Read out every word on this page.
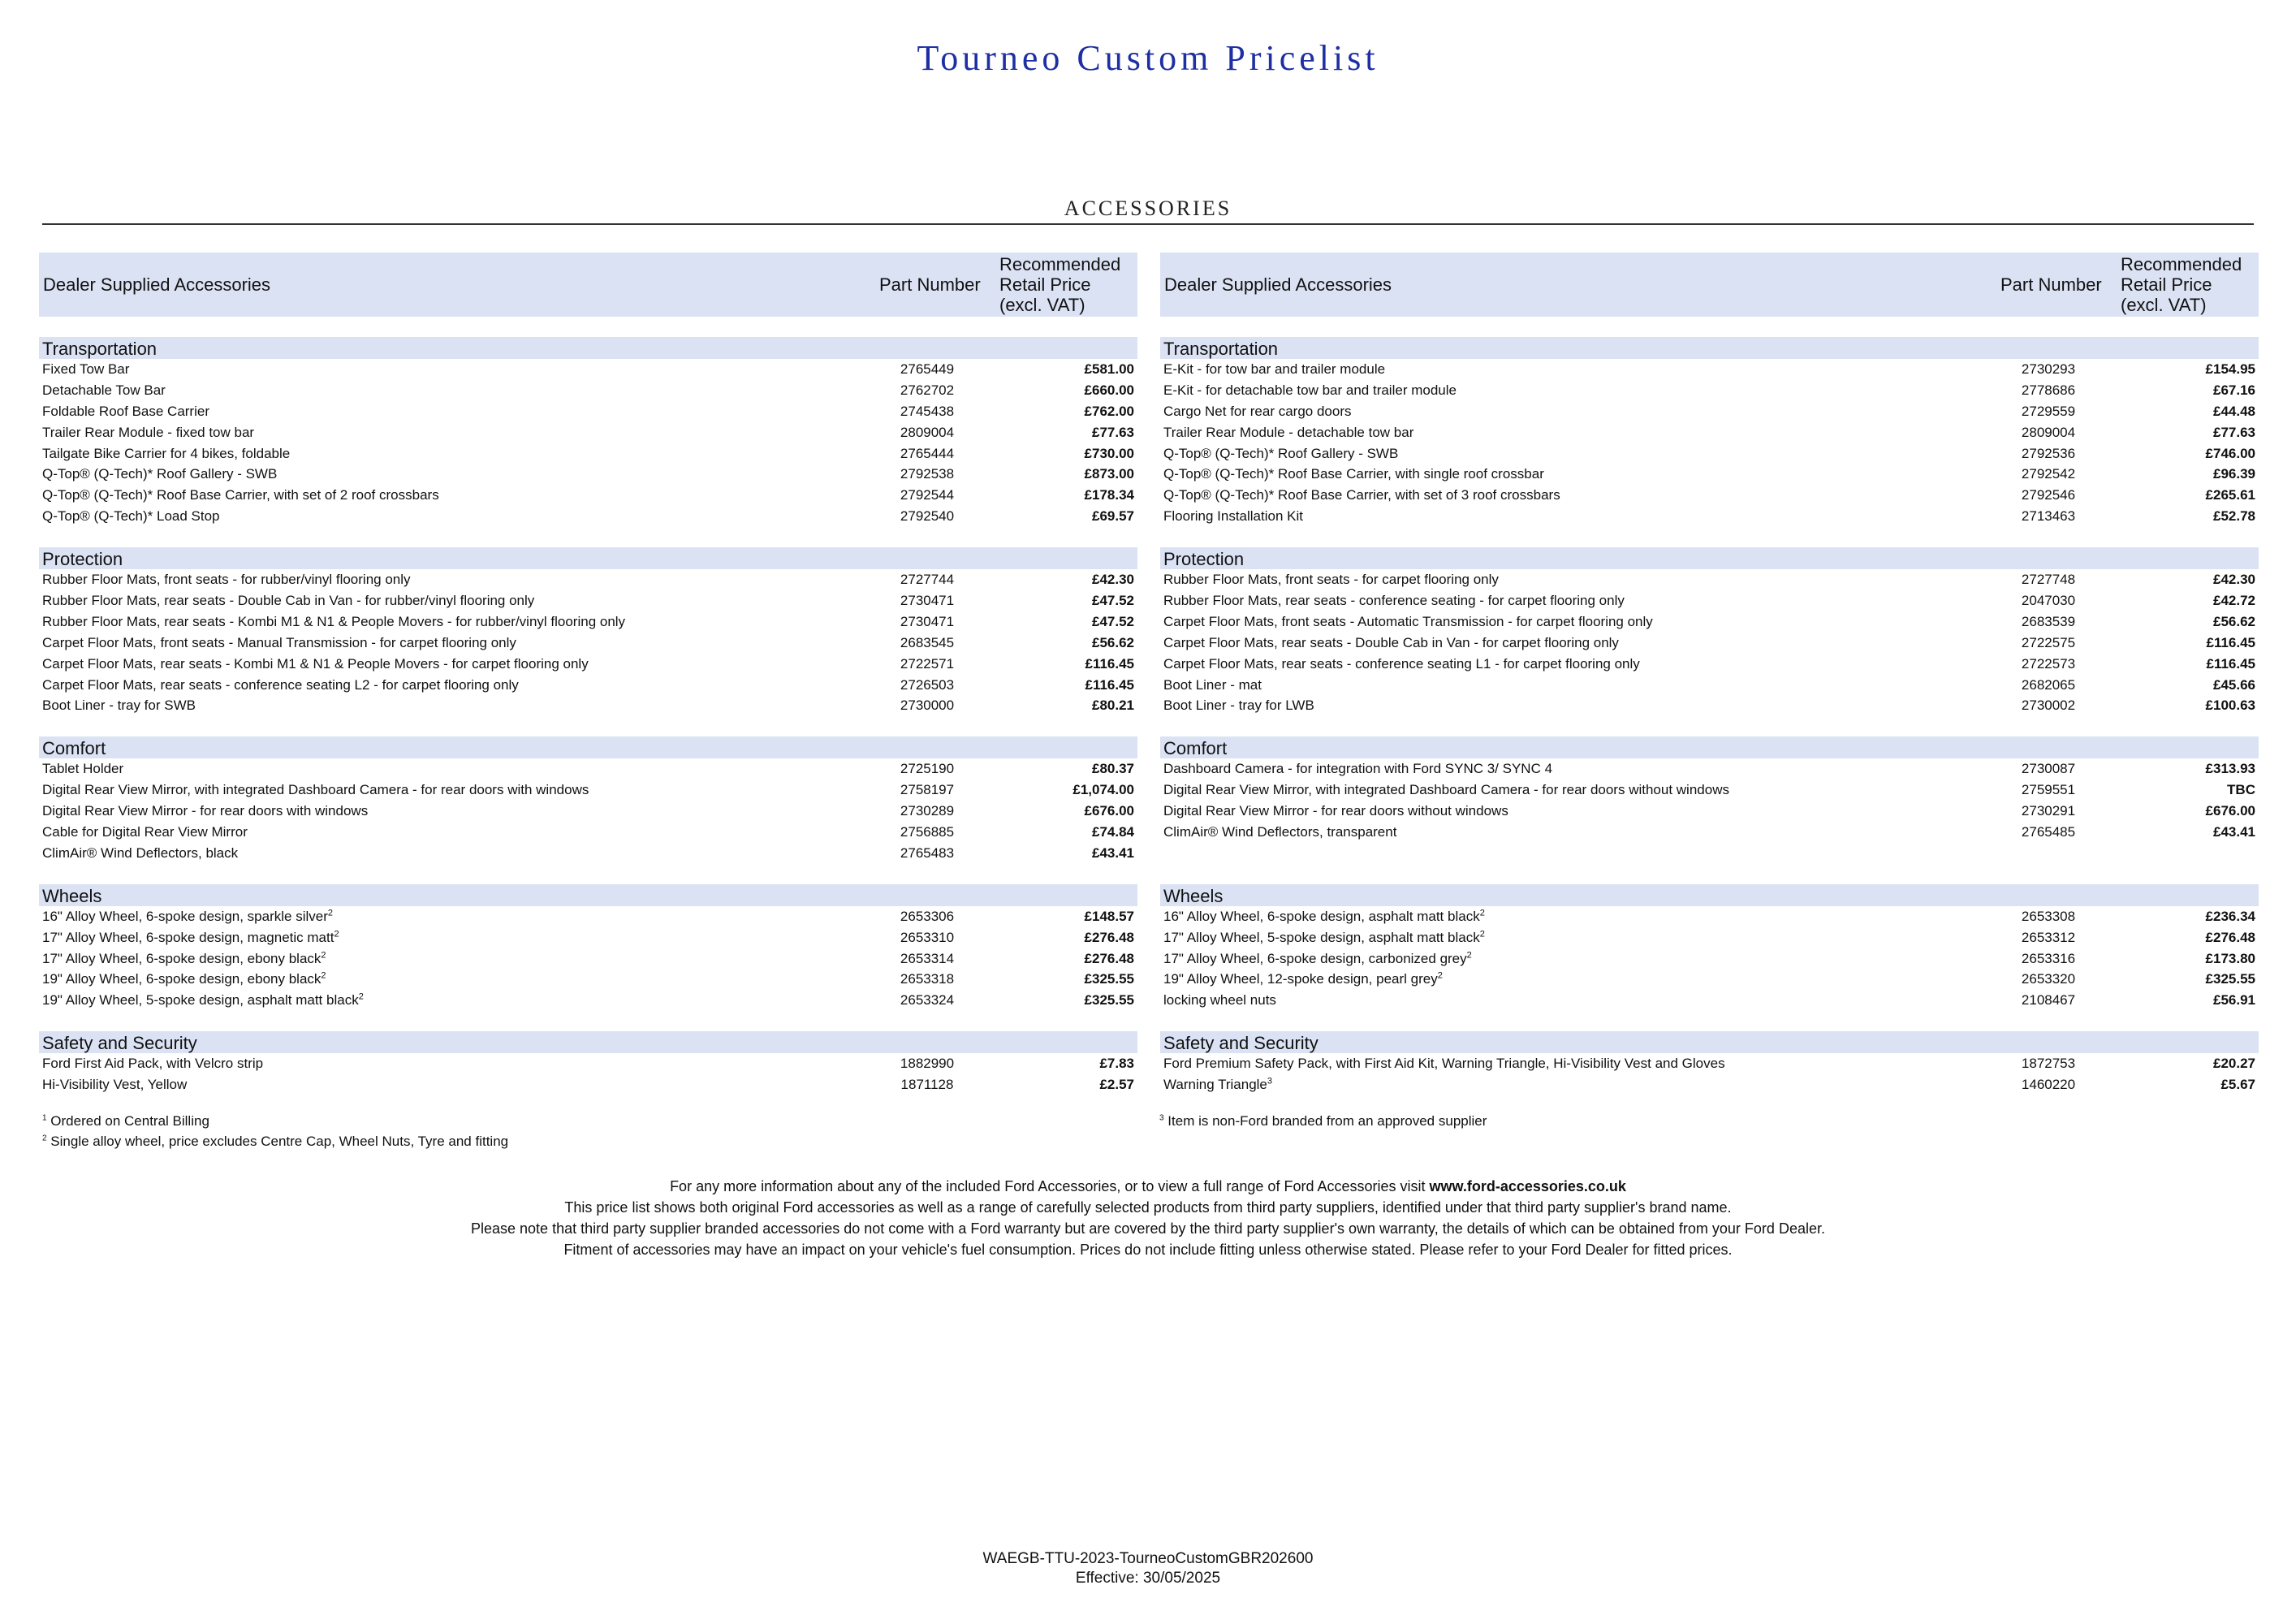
Tourneo Custom Pricelist
ACCESSORIES
Dealer Supplied Accessories	Part Number
Recommended Retail Price (excl. VAT)
Transportation
Fixed Tow Bar	2765449	£581.00
Detachable Tow Bar	2762702	£660.00
Foldable Roof Base Carrier	2745438	£762.00
Trailer Rear Module - fixed tow bar	2809004	£77.63
Tailgate Bike Carrier for 4 bikes, foldable	2765444	£730.00
Q-Top® (Q-Tech)* Roof Gallery - SWB	2792538	£873.00
Q-Top® (Q-Tech)* Roof Base Carrier, with set of 2 roof crossbars	2792544	£178.34
Q-Top® (Q-Tech)* Load Stop	2792540	£69.57
Protection
Rubber Floor Mats, front seats - for rubber/vinyl flooring only	2727744	£42.30
Rubber Floor Mats, rear seats - Double Cab in Van - for rubber/vinyl flooring only	2730471	£47.52
Rubber Floor Mats, rear seats - Kombi M1 & N1 & People Movers - for rubber/vinyl flooring only	2730471	£47.52
Carpet Floor Mats, front seats - Manual Transmission - for carpet flooring only	2683545	£56.62
Carpet Floor Mats, rear seats - Kombi M1 & N1 & People Movers - for carpet flooring only	2722571	£116.45
Carpet Floor Mats, rear seats - conference seating L2 - for carpet flooring only	2726503	£116.45
Boot Liner - tray for SWB	2730000	£80.21
Comfort
Tablet Holder	2725190	£80.37
Digital Rear View Mirror, with integrated Dashboard Camera - for rear doors with windows	2758197	£1,074.00
Digital Rear View Mirror - for rear doors with windows	2730289	£676.00
Cable for Digital Rear View Mirror	2756885	£74.84
ClimAir® Wind Deflectors, black	2765483	£43.41
Wheels
16" Alloy Wheel, 6-spoke design, sparkle silver$^2$	2653306	£148.57
17" Alloy Wheel, 6-spoke design, magnetic matt$^2$	2653310	£276.48
17" Alloy Wheel, 6-spoke design, ebony black$^2$	2653314	£276.48
19" Alloy Wheel, 6-spoke design, ebony black$^2$	2653318	£325.55
19" Alloy Wheel, 5-spoke design, asphalt matt black$^2$	2653324	£325.55
Safety and Security
Ford First Aid Pack, with Velcro strip	1882990	£7.83
Hi-Visibility Vest, Yellow	1871128	£2.57
Dealer Supplied Accessories	Part Number
Recommended Retail Price (excl. VAT)
Transportation
E-Kit - for tow bar and trailer module	2730293	£154.95
E-Kit - for detachable tow bar and trailer module	2778686	£67.16
Cargo Net for rear cargo doors	2729559	£44.48
Trailer Rear Module - detachable tow bar	2809004	£77.63
Q-Top® (Q-Tech)* Roof Gallery - SWB	2792536	£746.00
Q-Top® (Q-Tech)* Roof Base Carrier, with single roof crossbar	2792542	£96.39
Q-Top® (Q-Tech)* Roof Base Carrier, with set of 3 roof crossbars	2792546	£265.61
Flooring Installation Kit	2713463	£52.78
Protection
Rubber Floor Mats, front seats - for carpet flooring only	2727748	£42.30
Rubber Floor Mats, rear seats - conference seating - for carpet flooring only	2047030	£42.72
Carpet Floor Mats, front seats - Automatic Transmission - for carpet flooring only	2683539	£56.62
Carpet Floor Mats, rear seats - Double Cab in Van - for carpet flooring only	2722575	£116.45
Carpet Floor Mats, rear seats - conference seating L1 - for carpet flooring only	2722573	£116.45
Boot Liner - mat	2682065	£45.66
Boot Liner - tray for LWB	2730002	£100.63
Comfort
Dashboard Camera - for integration with Ford SYNC 3/ SYNC 4	2730087	£313.93
Digital Rear View Mirror, with integrated Dashboard Camera - for rear doors without windows	2759551	TBC
Digital Rear View Mirror - for rear doors without windows	2730291	£676.00
ClimAir® Wind Deflectors, transparent	2765485	£43.41
Wheels
16" Alloy Wheel, 6-spoke design, asphalt matt black$^2$	2653308	£236.34
17" Alloy Wheel, 5-spoke design, asphalt matt black$^2$	2653312	£276.48
17" Alloy Wheel, 6-spoke design, carbonized grey$^2$	2653316	£173.80
19" Alloy Wheel, 12-spoke design, pearl grey$^2$	2653320	£325.55
locking wheel nuts	2108467	£56.91
Safety and Security
Ford Premium Safety Pack, with First Aid Kit, Warning Triangle, Hi-Visibility Vest and Gloves	1872753	£20.27
Warning Triangle$^3$	1460220	£5.67
$^1$ Ordered on Central Billing
$^2$ Single alloy wheel, price excludes Centre Cap, Wheel Nuts, Tyre and fitting
$^3$ Item is non-Ford branded from an approved supplier
For any more information about any of the included Ford Accessories, or to view a full range of Ford Accessories visit www.ford-accessories.co.uk
This price list shows both original Ford accessories as well as a range of carefully selected products from third party suppliers, identified under that third party supplier's brand name.
Please note that third party supplier branded accessories do not come with a Ford warranty but are covered by the third party supplier's own warranty, the details of which can be obtained from your Ford Dealer.
Fitment of accessories may have an impact on your vehicle's fuel consumption. Prices do not include fitting unless otherwise stated. Please refer to your Ford Dealer for fitted prices.
WAEGB-TTU-2023-TourneoCustomGBR202600
Effective: 30/05/2025
